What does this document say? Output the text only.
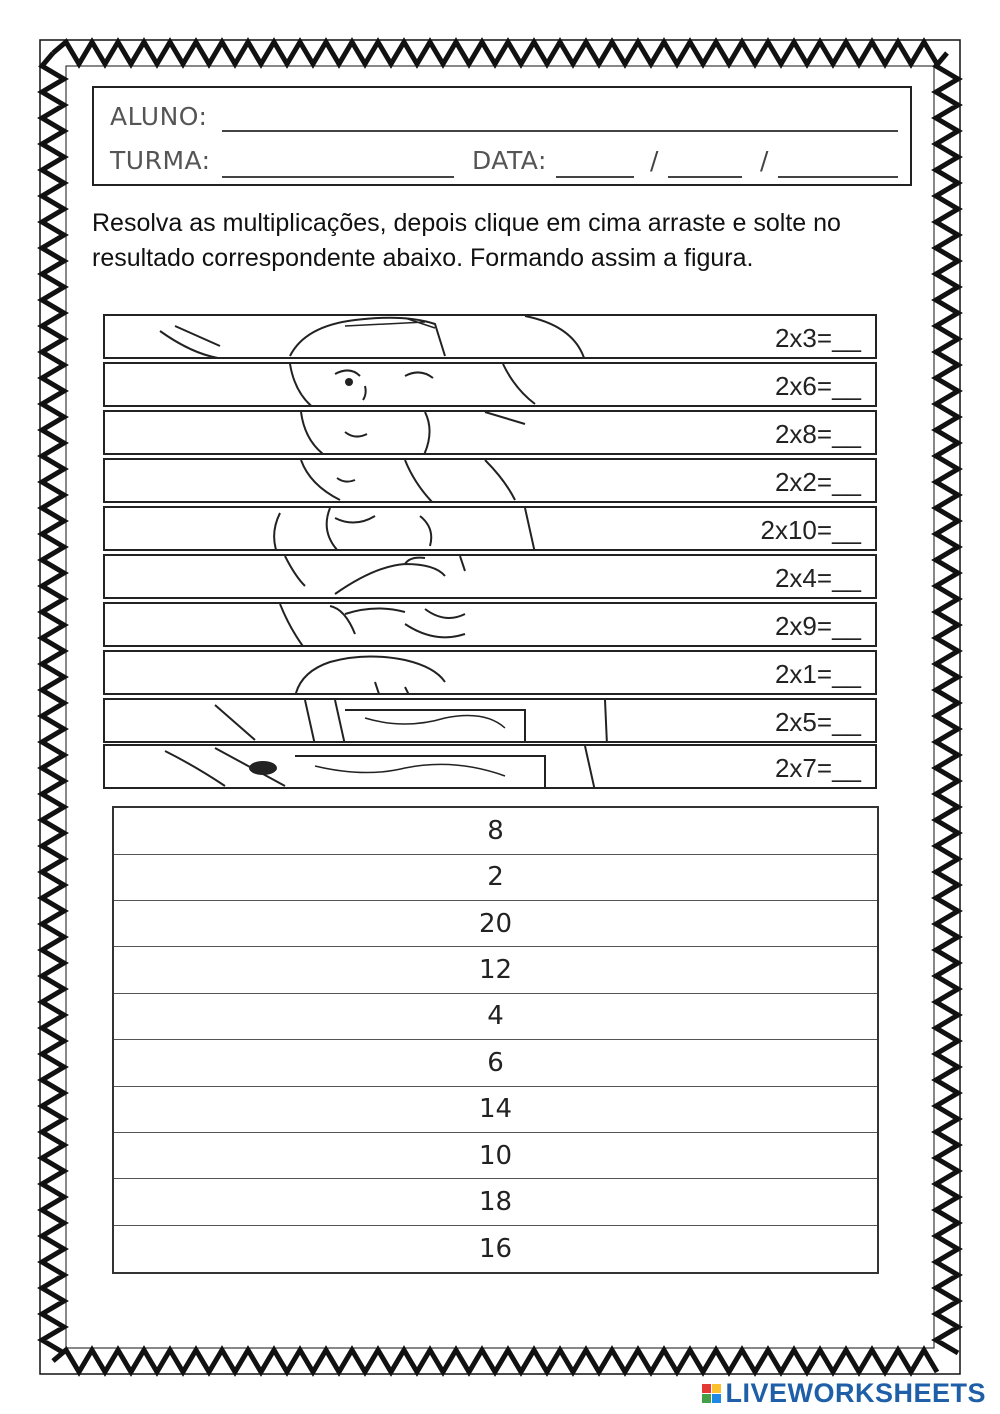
ALUNO:
TURMA:	DATA:	/	/
Resolva as multiplicações, depois clique em cima arraste e solte no resultado correspondente abaixo. Formando assim a figura.
2x3=__
2x6=__
2x8=__
2x2=__
2x10=__
2x4=__
2x9=__
2x1=__
2x5=__
2x7=__
8
2
20
12
4
6
14
10
18
16
LIVEWORKSHEETS
